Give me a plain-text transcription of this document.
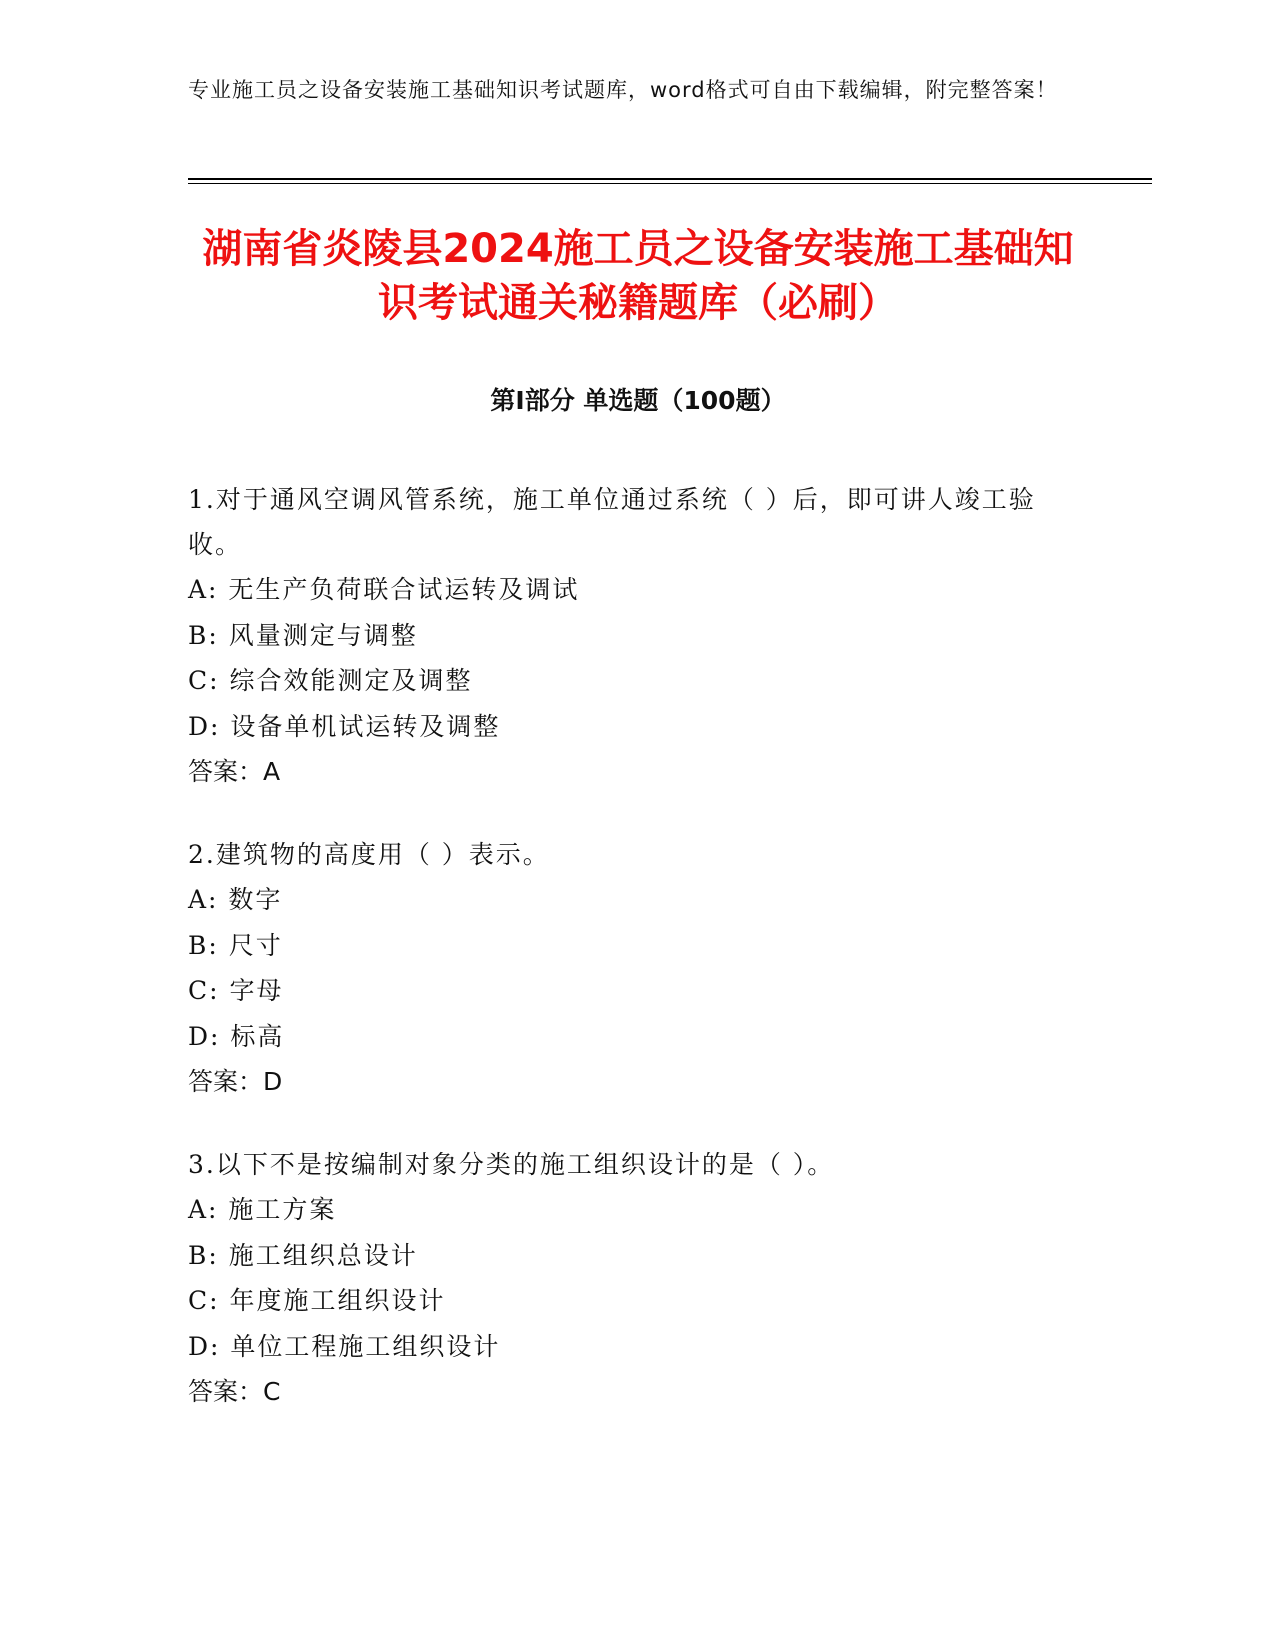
专业施工员之设备安装施工基础知识考试题库，word格式可自由下载编辑，附完整答案！
湖南省炎陵县2024施工员之设备安装施工基础知识考试通关秘籍题库（必刷）
第Ⅰ部分 单选题（100题）
1.对于通风空调风管系统，施工单位通过系统（ ）后，即可讲人竣工验收。
A: 无生产负荷联合试运转及调试
B: 风量测定与调整
C: 综合效能测定及调整
D: 设备单机试运转及调整
答案：A
2.建筑物的高度用（ ）表示。
A: 数字
B: 尺寸
C: 字母
D: 标高
答案：D
3.以下不是按编制对象分类的施工组织设计的是（ ）。
A: 施工方案
B: 施工组织总设计
C: 年度施工组织设计
D: 单位工程施工组织设计
答案：C
